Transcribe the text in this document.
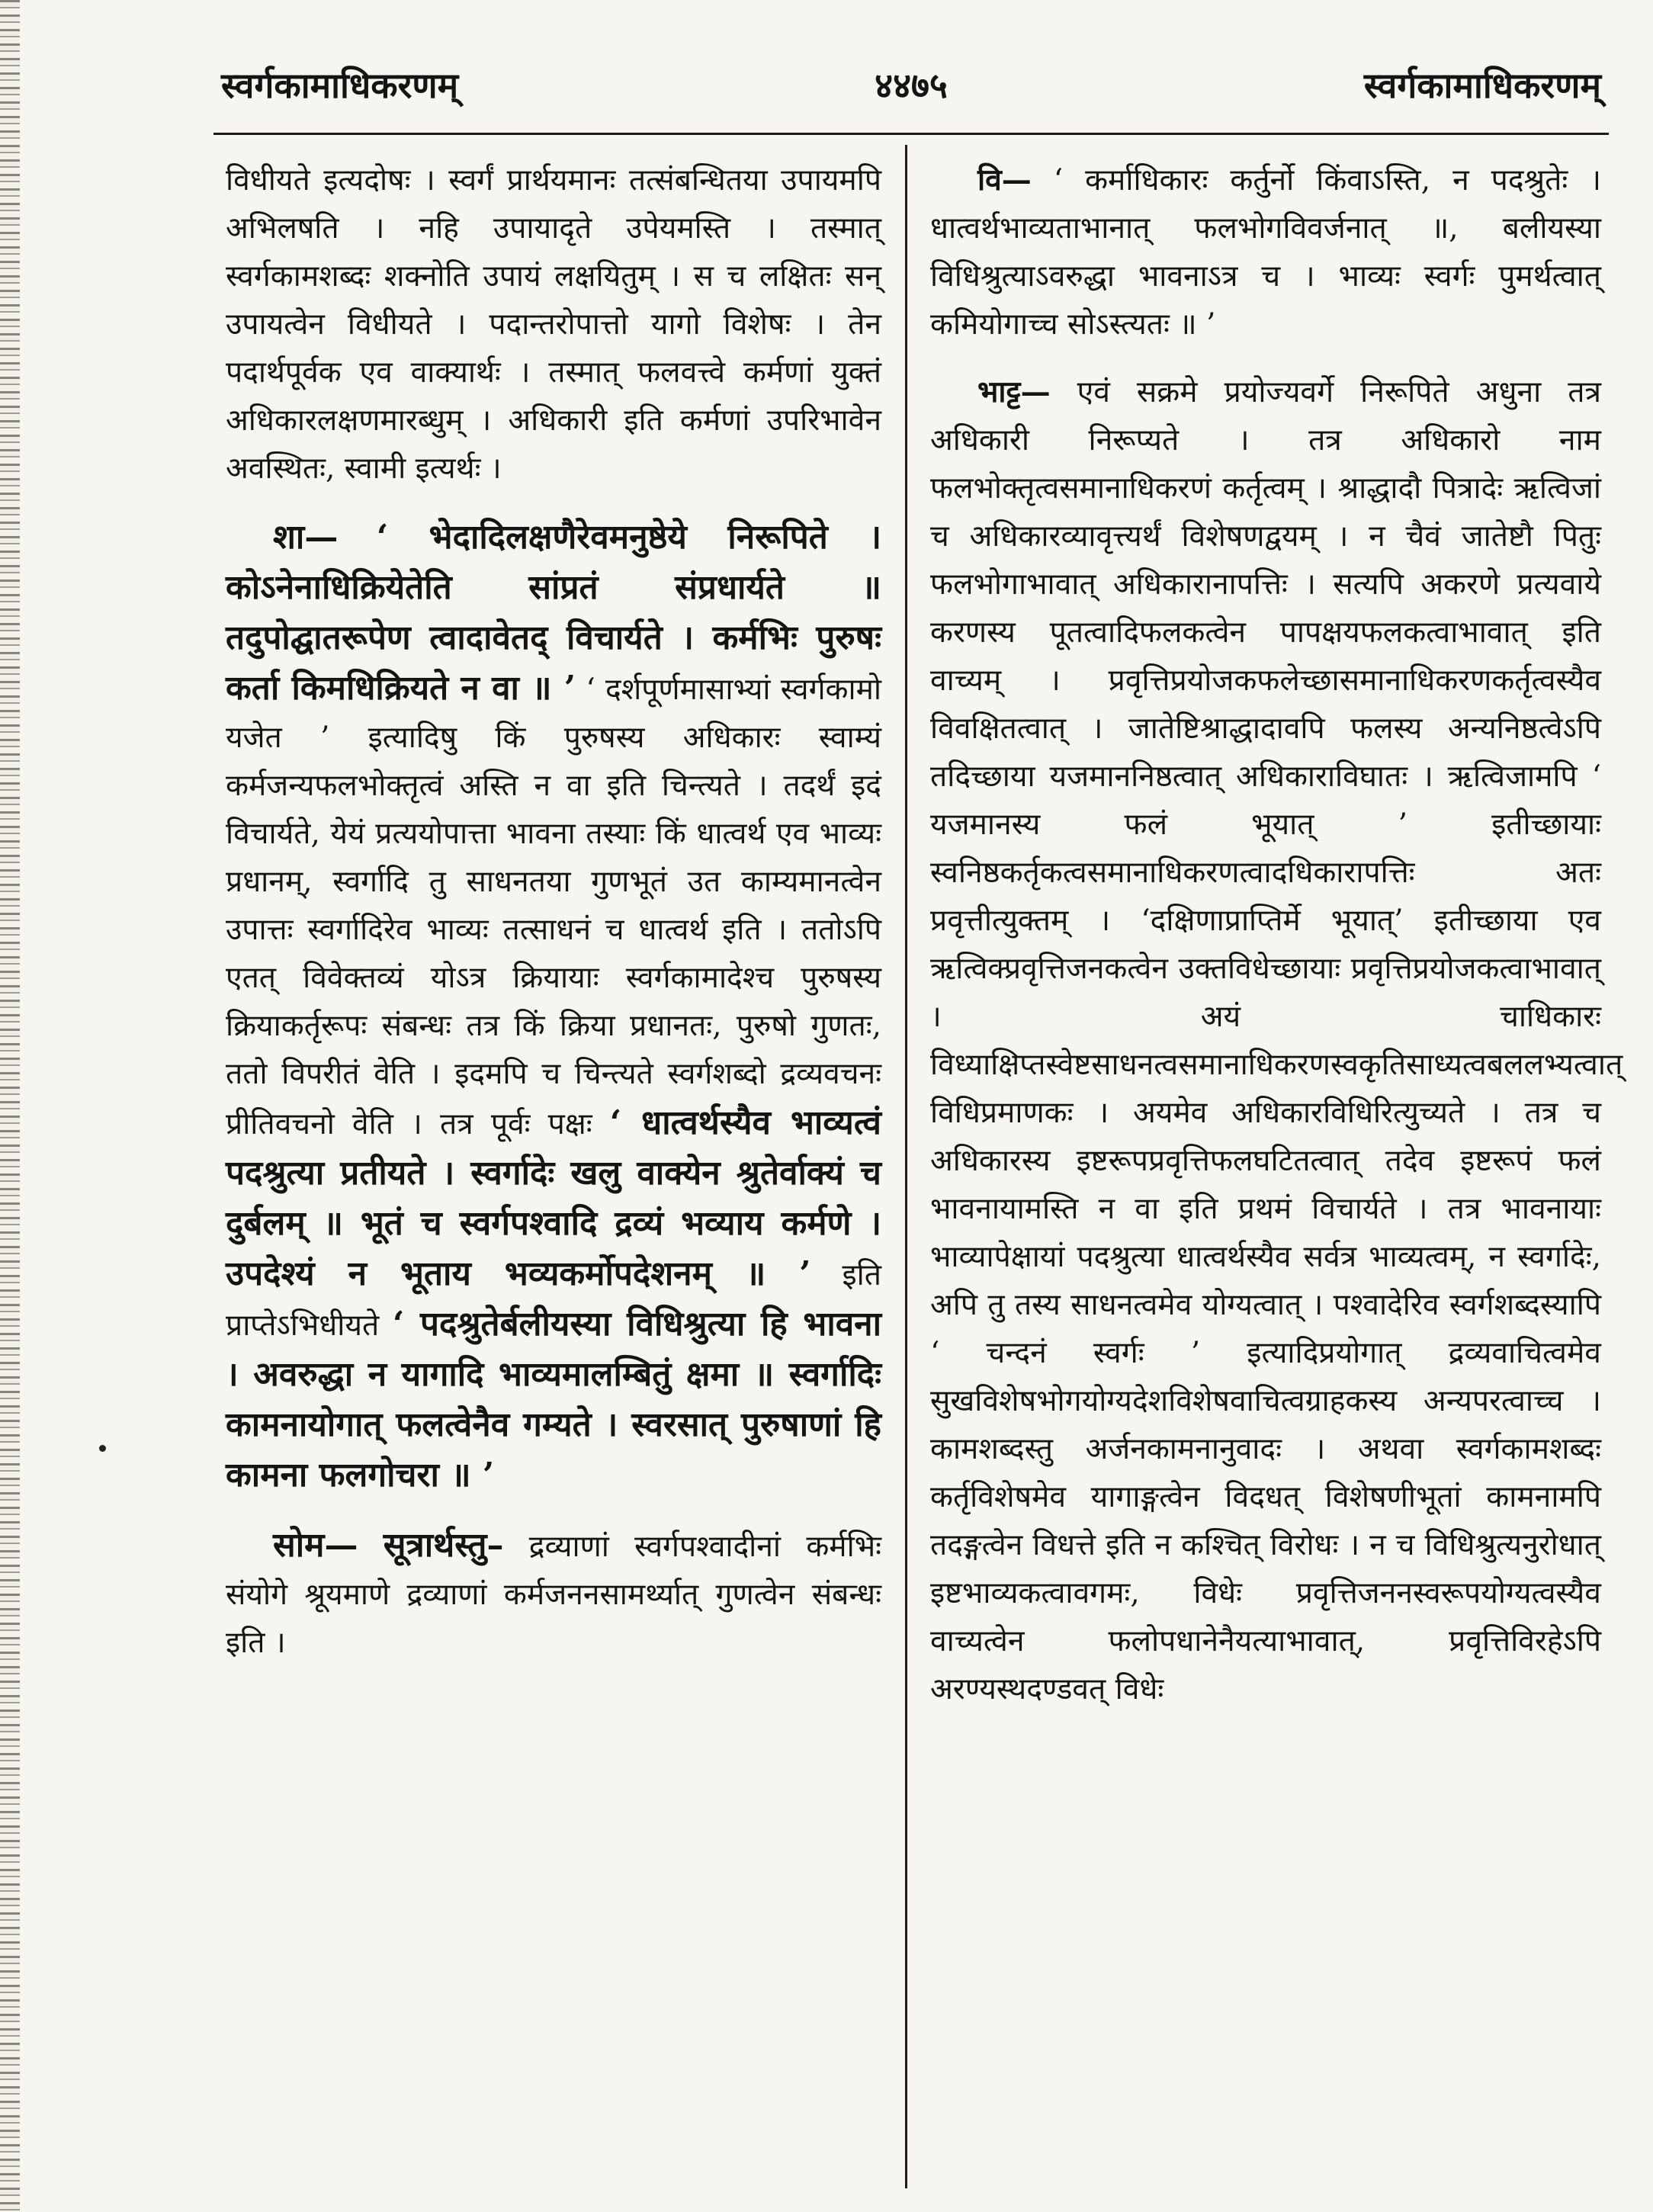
स्वर्गकामाधिकरणम्	४४७५	स्वर्गकामाधिकरणम्

विधीयते इत्यदोषः । स्वर्गं प्रार्थयमानः तत्संबन्धितया उपायमपि अभिलषति । नहि उपायादृते उपेयमस्ति । तस्मात् स्वर्गकामशब्दः शक्नोति उपायं लक्षयितुम् । स च लक्षितः सन् उपायत्वेन विधीयते । पदान्तरोपात्तो यागो विशेषः । तेन पदार्थपूर्वक एव वाक्यार्थः । तस्मात् फलवत्त्वे कर्मणां युक्तं अधिकारलक्षणमारब्धुम् । अधिकारी इति कर्मणां उपरिभावेन अवस्थितः, स्वामी इत्यर्थः ।

शा— ‘ भेदादिलक्षणैरेवमनुष्ठेये निरूपिते । कोऽनेनाधिक्रियेतेति सांप्रतं संप्रधार्यते ॥ तदुपोद्घातरूपेण त्वादावेतद् विचार्यते । कर्मभिः पुरुषः कर्ता किमधिक्रियते न वा ॥ ’ ‘ दर्शपूर्णमासाभ्यां स्वर्गकामो यजेत ’ इत्यादिषु किं पुरुषस्य अधिकारः स्वाम्यं कर्मजन्यफलभोक्तृत्वं अस्ति न वा इति चिन्त्यते । तदर्थं इदं विचार्यते, येयं प्रत्ययोपात्ता भावना तस्याः किं धात्वर्थ एव भाव्यः प्रधानम्, स्वर्गादि तु साधनतया गुणभूतं उत काम्यमानत्वेन उपात्तः स्वर्गादिरेव भाव्यः तत्साधनं च धात्वर्थ इति । ततोऽपि एतत् विवेक्तव्यं योऽत्र क्रियायाः स्वर्गकामादेश्च पुरुषस्य क्रियाकर्तृरूपः संबन्धः तत्र किं क्रिया प्रधानतः, पुरुषो गुणतः, ततो विपरीतं वेति । इदमपि च चिन्त्यते स्वर्गशब्दो द्रव्यवचनः प्रीतिवचनो वेति । तत्र पूर्वः पक्षः ‘ धात्वर्थस्यैव भाव्यत्वं पदश्रुत्या प्रतीयते । स्वर्गादेः खलु वाक्येन श्रुतेर्वाक्यं च दुर्बलम् ॥ भूतं च स्वर्गपश्वादि द्रव्यं भव्याय कर्मणे । उपदेश्यं न भूताय भव्यकर्मोपदेशनम् ॥ ’ इति प्राप्तेऽभिधीयते ‘ पदश्रुतेर्बलीयस्या विधिश्रुत्या हि भावना । अवरुद्धा न यागादि भाव्यमालम्बितुं क्षमा ॥ स्वर्गादिः कामनायोगात् फलत्वेनैव गम्यते । स्वरसात् पुरुषाणां हि कामना फलगोचरा ॥ ’

सोम— सूत्रार्थस्तु– द्रव्याणां स्वर्गपश्वादीनां कर्मभिः संयोगे श्रूयमाणे द्रव्याणां कर्मजननसामर्थ्यात् गुणत्वेन संबन्धः इति ।

वि— ‘ कर्माधिकारः कर्तुर्नो किंवाऽस्ति, न पदश्रुतेः । धात्वर्थभाव्यताभानात् फलभोगविवर्जनात् ॥, बलीयस्या विधिश्रुत्याऽवरुद्धा भावनाऽत्र च । भाव्यः स्वर्गः पुमर्थत्वात् कमियोगाच्च सोऽस्त्यतः ॥ ’

भाट्ट— एवं सक्रमे प्रयोज्यवर्गे निरूपिते अधुना तत्र अधिकारी निरूप्यते । तत्र अधिकारो नाम फलभोक्तृत्वसमानाधिकरणं कर्तृत्वम् । श्राद्धादौ पित्रादेः ऋत्विजां च अधिकारव्यावृत्त्यर्थं विशेषणद्वयम् । न चैवं जातेष्टौ पितुः फलभोगाभावात् अधिकारानापत्तिः । सत्यपि अकरणे प्रत्यवाये करणस्य पूतत्वादिफलकत्वेन पापक्षयफलकत्वाभावात् इति वाच्यम् । प्रवृत्तिप्रयोजकफलेच्छासमानाधिकरणकर्तृत्वस्यैव विवक्षितत्वात् । जातेष्टिश्राद्धादावपि फलस्य अन्यनिष्ठत्वेऽपि तदिच्छाया यजमाननिष्ठत्वात् अधिकाराविघातः । ऋत्विजामपि ‘ यजमानस्य फलं भूयात् ’ इतीच्छायाः स्वनिष्ठकर्तृकत्वसमानाधिकरणत्वादधिकारापत्तिः अतः प्रवृत्तीत्युक्तम् । ‘दक्षिणाप्राप्तिर्मे भूयात्’ इतीच्छाया एव ऋत्विक्प्रवृत्तिजनकत्वेन उक्तविधेच्छायाः प्रवृत्तिप्रयोजकत्वाभावात् । अयं चाधिकारः विध्याक्षिप्तस्वेष्टसाधनत्वसमानाधिकरणस्वकृतिसाध्यत्वबललभ्यत्वात् विधिप्रमाणकः । अयमेव अधिकारविधिरित्युच्यते । तत्र च अधिकारस्य इष्टरूपप्रवृत्तिफलघटितत्वात् तदेव इष्टरूपं फलं भावनायामस्ति न वा इति प्रथमं विचार्यते । तत्र भावनायाः भाव्यापेक्षायां पदश्रुत्या धात्वर्थस्यैव सर्वत्र भाव्यत्वम्, न स्वर्गादेः, अपि तु तस्य साधनत्वमेव योग्यत्वात् । पश्वादेरिव स्वर्गशब्दस्यापि ‘ चन्दनं स्वर्गः ’ इत्यादिप्रयोगात् द्रव्यवाचित्वमेव सुखविशेषभोगयोग्यदेशविशेषवाचित्वग्राहकस्य अन्यपरत्वाच्च । कामशब्दस्तु अर्जनकामनानुवादः । अथवा स्वर्गकामशब्दः कर्तृविशेषमेव यागाङ्गत्वेन विदधत् विशेषणीभूतां कामनामपि तदङ्गत्वेन विधत्ते इति न कश्चित् विरोधः । न च विधिश्रुत्यनुरोधात् इष्टभाव्यकत्वावगमः, विधेः प्रवृत्तिजननस्वरूपयोग्यत्वस्यैव वाच्यत्वेन फलोपधानेनैयत्याभावात्, प्रवृत्तिविरहेऽपि अरण्यस्थदण्डवत् विधेः
